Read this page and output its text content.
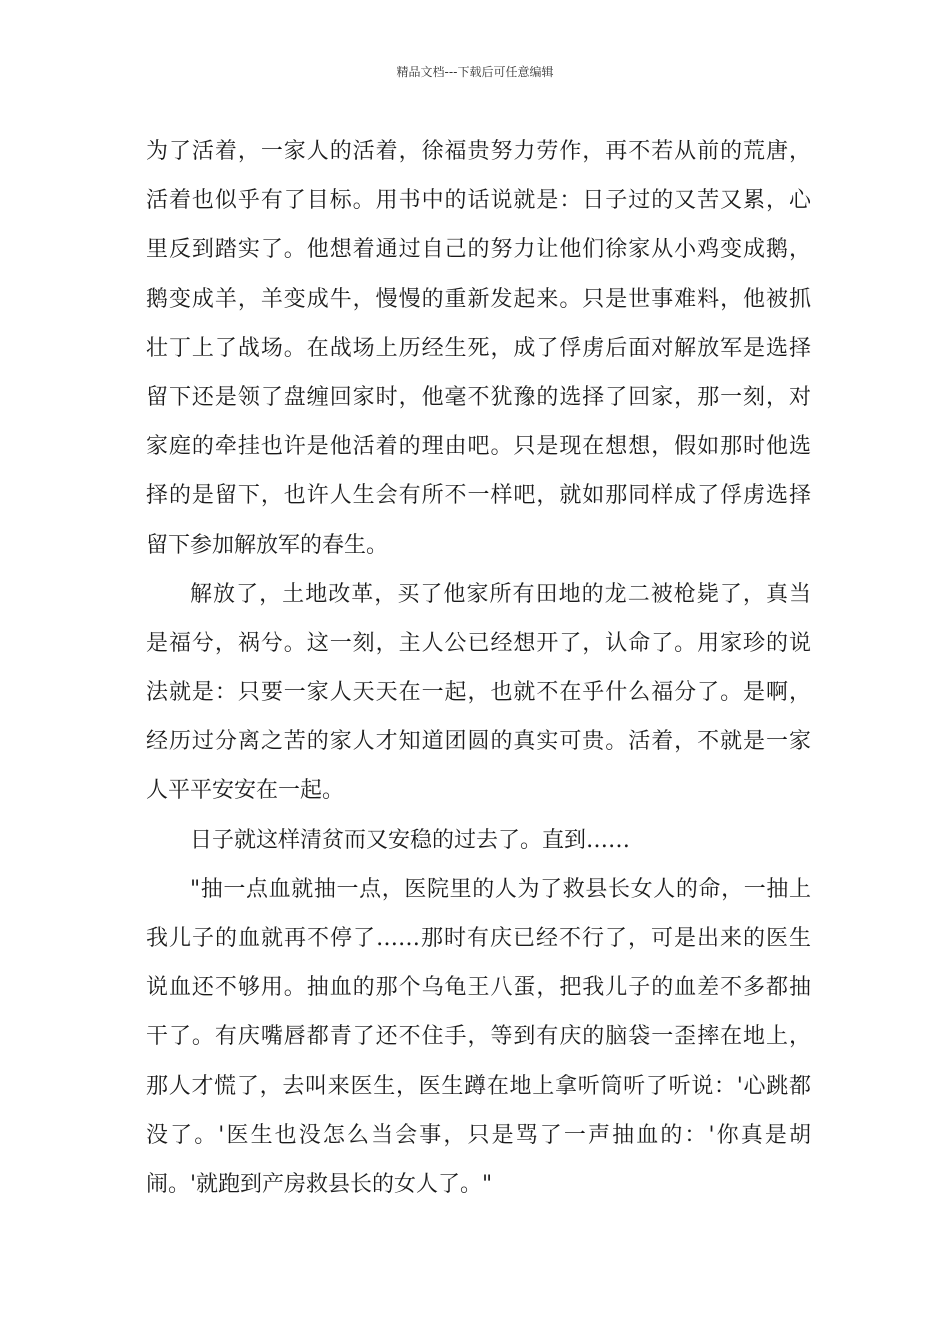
精品文档---下载后可任意编辑
为了活着，一家人的活着，徐福贵努力劳作，再不若从前的荒唐，
活着也似乎有了目标。用书中的话说就是：日子过的又苦又累，心
里反到踏实了。他想着通过自己的努力让他们徐家从小鸡变成鹅，
鹅变成羊，羊变成牛，慢慢的重新发起来。只是世事难料，他被抓
壮丁上了战场。在战场上历经生死，成了俘虏后面对解放军是选择
留下还是领了盘缠回家时，他毫不犹豫的选择了回家，那一刻，对
家庭的牵挂也许是他活着的理由吧。只是现在想想，假如那时他选
择的是留下，也许人生会有所不一样吧，就如那同样成了俘虏选择
留下参加解放军的春生。
解放了，土地改革，买了他家所有田地的龙二被枪毙了，真当
是福兮，祸兮。这一刻，主人公已经想开了，认命了。用家珍的说
法就是：只要一家人天天在一起，也就不在乎什么福分了。是啊，
经历过分离之苦的家人才知道团圆的真实可贵。活着，不就是一家
人平平安安在一起。
日子就这样清贫而又安稳的过去了。直到……
"抽一点血就抽一点，医院里的人为了救县长女人的命，一抽上
我儿子的血就再不停了……那时有庆已经不行了，可是出来的医生
说血还不够用。抽血的那个乌龟王八蛋，把我儿子的血差不多都抽
干了。有庆嘴唇都青了还不住手，等到有庆的脑袋一歪摔在地上，
那人才慌了，去叫来医生，医生蹲在地上拿听筒听了听说：'心跳都
没了。'医生也没怎么当会事，只是骂了一声抽血的：'你真是胡
闹。'就跑到产房救县长的女人了。"
